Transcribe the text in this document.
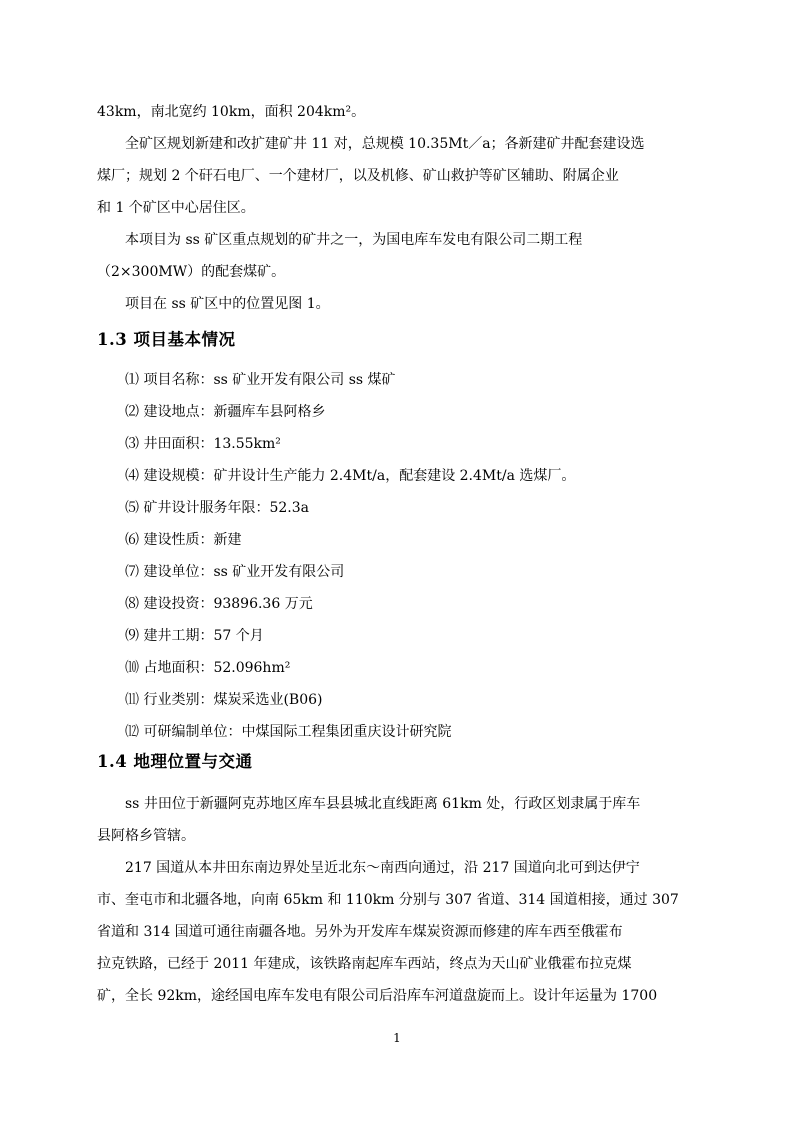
43km，南北宽约 10km，面积 204km²。
全矿区规划新建和改扩建矿井 11 对，总规模 10.35Mt／a；各新建矿井配套建设选
煤厂；规划 2 个矸石电厂、一个建材厂，以及机修、矿山救护等矿区辅助、附属企业
和 1 个矿区中心居住区。
本项目为 ss 矿区重点规划的矿井之一，为国电库车发电有限公司二期工程
（2×300MW）的配套煤矿。
项目在 ss 矿区中的位置见图 1。
1.3 项目基本情况
⑴ 项目名称：ss 矿业开发有限公司 ss 煤矿
⑵ 建设地点：新疆库车县阿格乡
⑶ 井田面积：13.55km²
⑷ 建设规模：矿井设计生产能力 2.4Mt/a，配套建设 2.4Mt/a 选煤厂。
⑸ 矿井设计服务年限：52.3a
⑹ 建设性质：新建
⑺ 建设单位：ss 矿业开发有限公司
⑻ 建设投资：93896.36 万元
⑼ 建井工期：57 个月
⑽ 占地面积：52.096hm²
⑾ 行业类别：煤炭采选业(B06)
⑿ 可研编制单位：中煤国际工程集团重庆设计研究院
1.4 地理位置与交通
ss 井田位于新疆阿克苏地区库车县县城北直线距离 61km 处，行政区划隶属于库车
县阿格乡管辖。
217 国道从本井田东南边界处呈近北东～南西向通过，沿 217 国道向北可到达伊宁
市、奎屯市和北疆各地，向南 65km 和 110km 分别与 307 省道、314 国道相接，通过 307
省道和 314 国道可通往南疆各地。另外为开发库车煤炭资源而修建的库车西至俄霍布
拉克铁路，已经于 2011 年建成，该铁路南起库车西站，终点为天山矿业俄霍布拉克煤
矿，全长 92km，途经国电库车发电有限公司后沿库车河道盘旋而上。设计年运量为 1700
1
